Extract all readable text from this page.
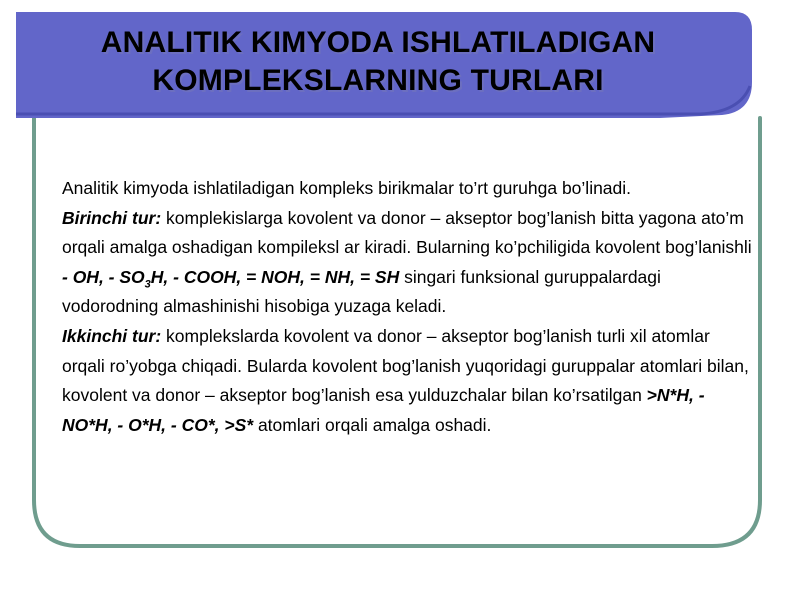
ANALITIK KIMYODA ISHLATILADIGAN
KOMPLEKSLARNING TURLARI

Analitik kimyoda ishlatiladigan kompleks birikmalar to’rt guruhga bo’linadi.

Birinchi tur: komplekislarga kovolent va donor – akseptor bog’lanish bitta yagona ato’m orqali amalga oshadigan kompileksl ar kiradi. Bularning ko’pchiligida kovolent bog’lanishli - OH, - $SO_3H$, - COOH, = NOH, = NH, = SH singari funksional guruppalardagi vodorodning almashinishi hisobiga yuzaga keladi.

Ikkinchi tur: komplekslarda kovolent va donor – akseptor bog’lanish turli xil atomlar orqali ro’yobga chiqadi. Bularda kovolent bog’lanish yuqoridagi guruppalar atomlari bilan, kovolent va donor – akseptor bog’lanish esa yulduzchalar bilan ko’rsatilgan >N*H, - NO*H, - O*H, - CO*, >S* atomlari orqali amalga oshadi.
